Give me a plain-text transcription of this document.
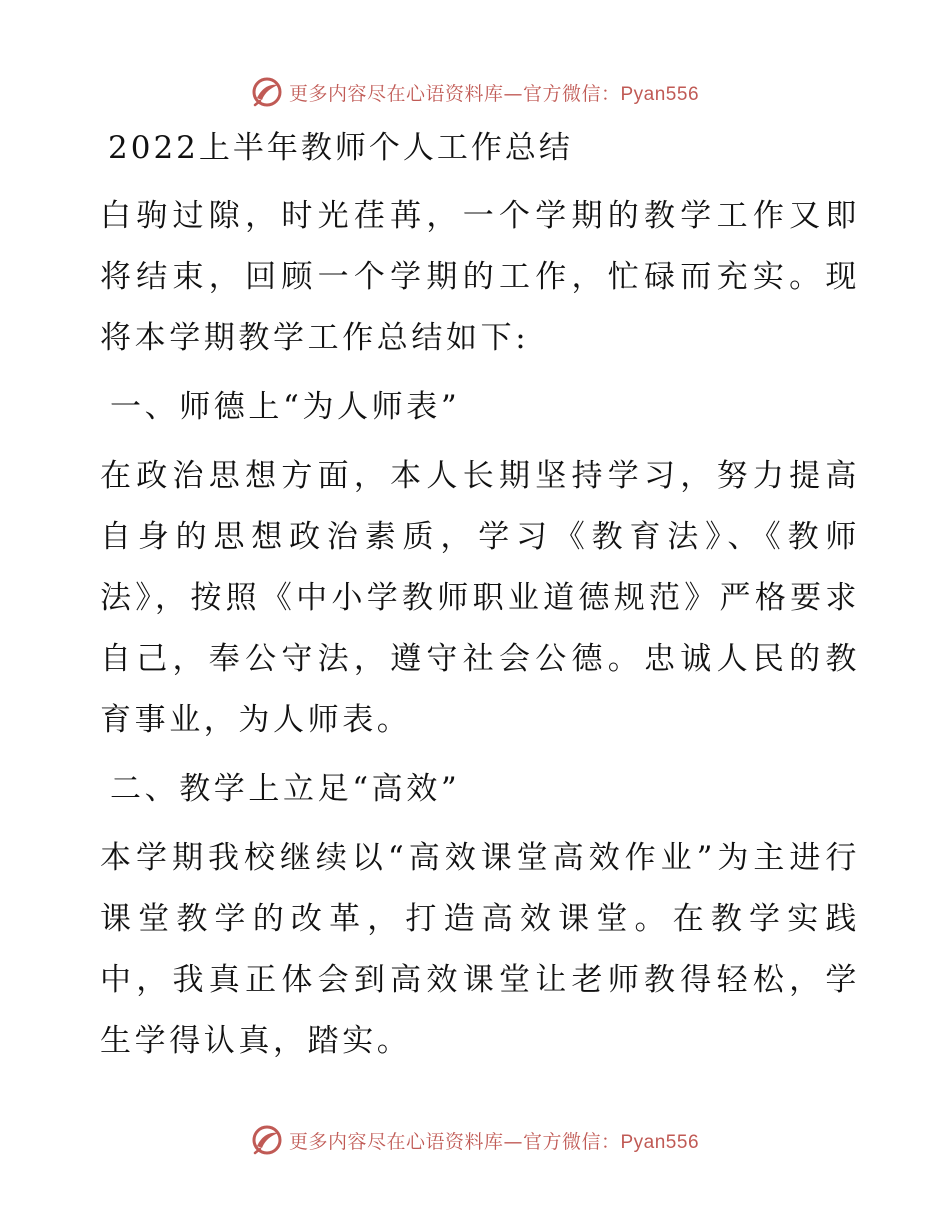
更多内容尽在心语资料库—官方微信：Pyan556
2022上半年教师个人工作总结

白驹过隙，时光荏苒，一个学期的教学工作又即将结束，回顾一个学期的工作，忙碌而充实。现将本学期教学工作总结如下:

一、师德上“为人师表”

在政治思想方面，本人长期坚持学习，努力提高自身的思想政治素质，学习《教育法》、《教师法》，按照《中小学教师职业道德规范》严格要求自己，奉公守法，遵守社会公德。忠诚人民的教育事业，为人师表。

二、教学上立足“高效”

本学期我校继续以“高效课堂高效作业”为主进行课堂教学的改革，打造高效课堂。在教学实践中，我真正体会到高效课堂让老师教得轻松，学生学得认真，踏实。

更多内容尽在心语资料库—官方微信：Pyan556
